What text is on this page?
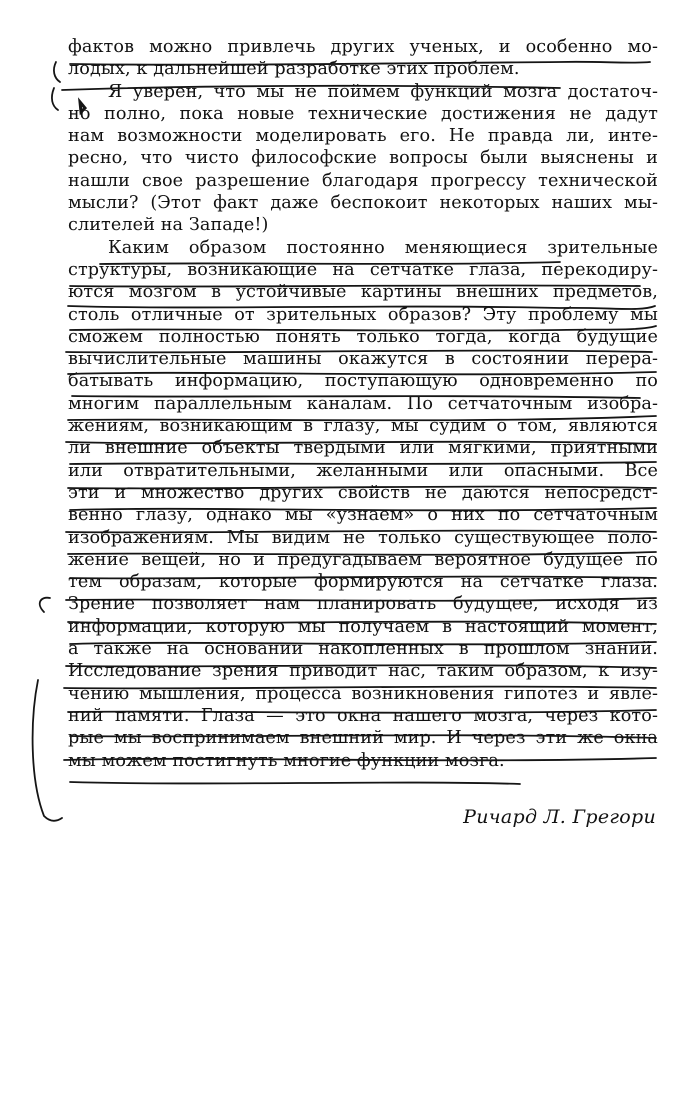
фактов можно привлечь других ученых, и особенно мо-
лодых, к дальнейшей разработке этих проблем.
Я уверен, что мы не поймем функций мозга достаточ-
но полно, пока новые технические достижения не дадут
нам возможности моделировать его. Не правда ли, инте-
ресно, что чисто философские вопросы были выяснены и
нашли свое разрешение благодаря прогрессу технической
мысли? (Этот факт даже беспокоит некоторых наших мы-
слителей на Западе!)
Каким образом постоянно меняющиеся зрительные
структуры, возникающие на сетчатке глаза, перекодиру-
ются мозгом в устойчивые картины внешних предметов,
столь отличные от зрительных образов? Эту проблему мы
сможем полностью понять только тогда, когда будущие
вычислительные машины окажутся в состоянии перера-
батывать информацию, поступающую одновременно по
многим параллельным каналам. По сетчаточным изобра-
жениям, возникающим в глазу, мы судим о том, являются
ли внешние объекты твердыми или мягкими, приятными
или отвратительными, желанными или опасными. Все
эти и множество других свойств не даются непосредст-
венно глазу, однако мы «узнаем» о них по сетчаточным
изображениям. Мы видим не только существующее поло-
жение вещей, но и предугадываем вероятное будущее по
тем образам, которые формируются на сетчатке глаза.
Зрение позволяет нам планировать будущее, исходя из
информации, которую мы получаем в настоящий момент,
а также на основании накопленных в прошлом знаний.
Исследование зрения приводит нас, таким образом, к изу-
чению мышления, процесса возникновения гипотез и явле-
ний памяти. Глаза — это окна нашего мозга, через кото-
рые мы воспринимаем внешний мир. И через эти же окна
мы можем постигнуть многие функции мозга.
Ричард Л. Грегори
